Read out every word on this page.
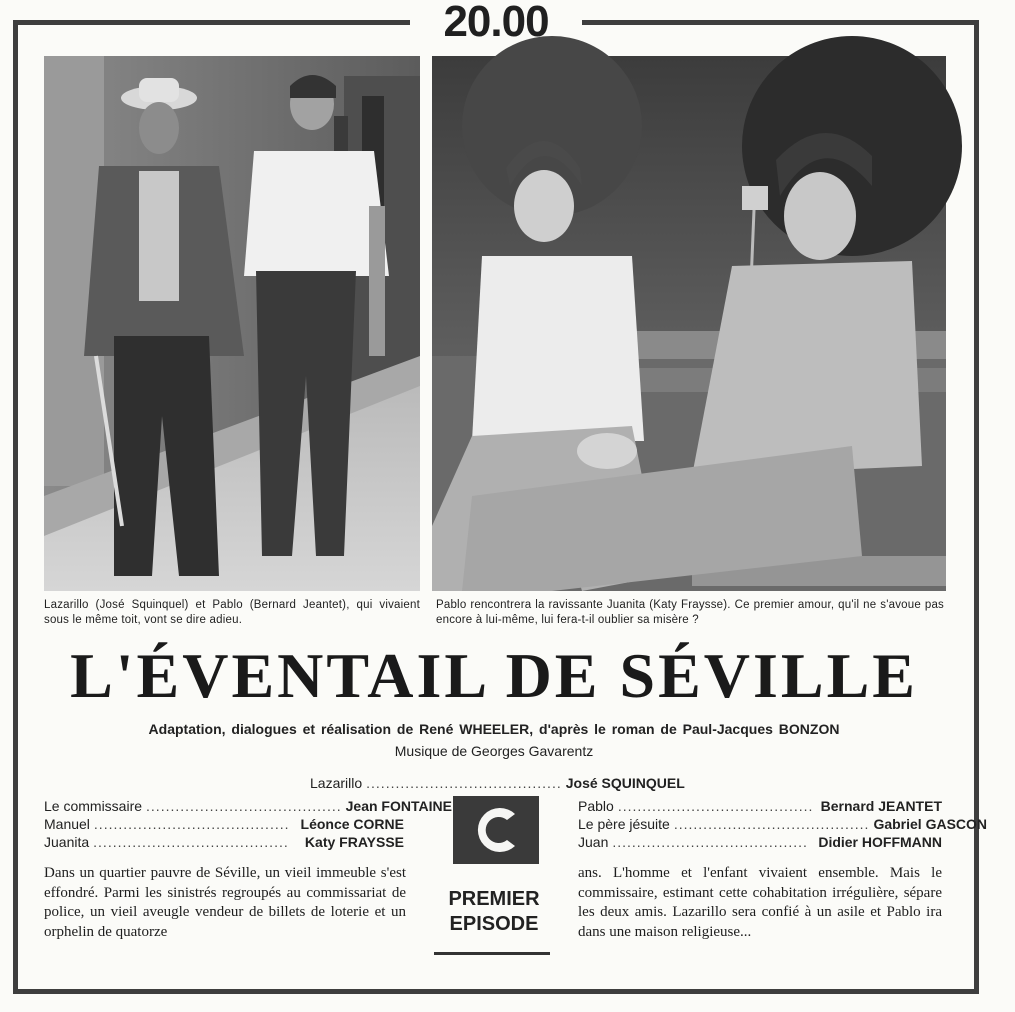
20.00
Lazarillo (José Squinquel) et Pablo (Bernard Jeantet), qui vivaient sous le même toit, vont se dire adieu.
Pablo rencontrera la ravissante Juanita (Katy Fraysse). Ce premier amour, qu'il ne s'avoue pas encore à lui-même, lui fera-t-il oublier sa misère ?
L'ÉVENTAIL DE SÉVILLE
Adaptation, dialogues et réalisation de René WHEELER, d'après le roman de Paul-Jacques BONZON
Musique de Georges Gavarentz
Lazarillo ........................................ José SQUINQUEL
Le commissaire ........................................ Jean FONTAINE
Manuel ........................................ Léonce CORNE
Juanita ........................................	Katy FRAYSSE
Pablo ........................................ Bernard JEANTET
Le père jésuite ........................................ Gabriel GASCON
Juan ........................................ Didier HOFFMANN
PREMIER
EPISODE
Dans un quartier pauvre de Séville, un vieil immeuble s'est effondré. Parmi les sinistrés regroupés au commissariat de police, un vieil aveugle vendeur de billets de loterie et un orphelin de quatorze
ans. L'homme et l'enfant vivaient ensemble. Mais le commissaire, estimant cette cohabitation irrégulière, sépare les deux amis. Lazarillo sera confié à un asile et Pablo ira dans une maison religieuse...
